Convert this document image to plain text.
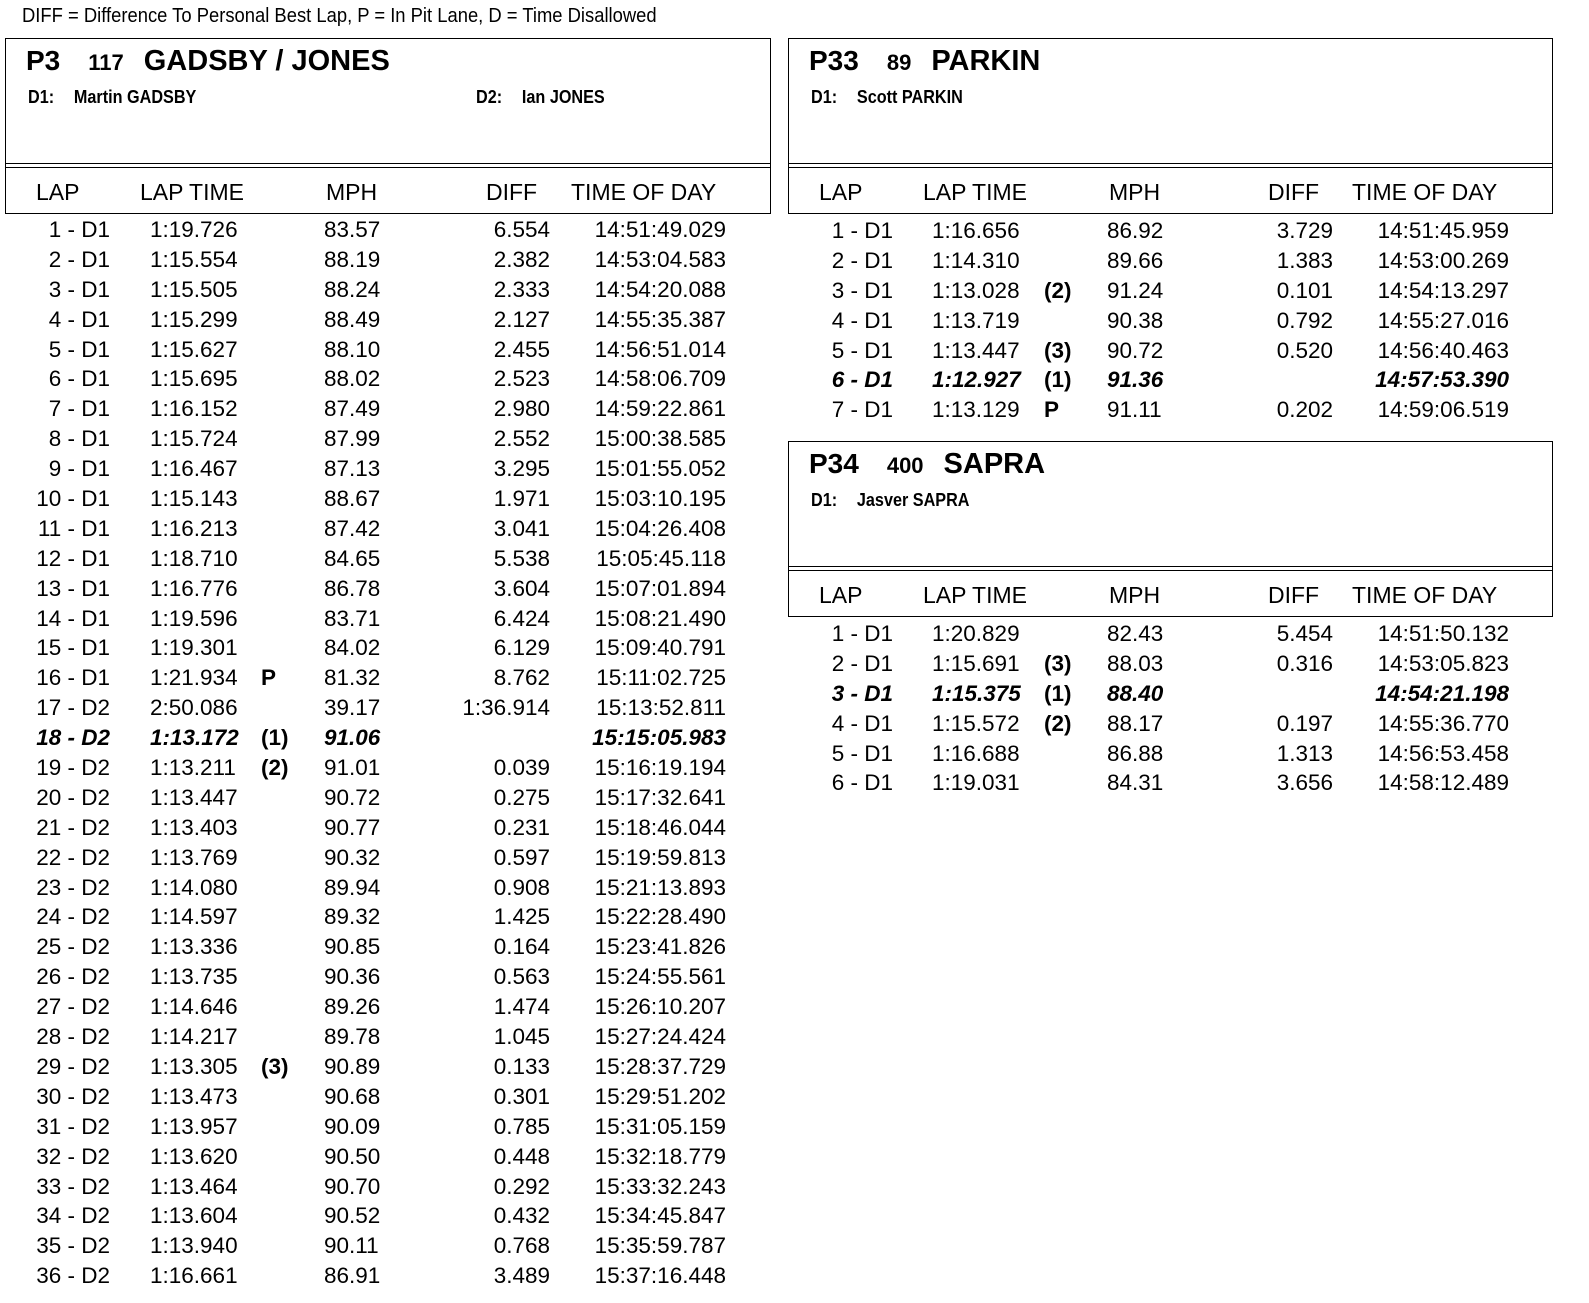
DIFF = Difference To Personal Best Lap, P = In Pit Lane, D = Time Disallowed
P3 117 GADSBY / JONES
D1: Martin GADSBY	D2: Ian JONES
LAP	LAP TIME	MPH	DIFF TIME OF DAY
1 - D1 1:19.726	83.57	6.554	14:51:49.029
2 - D1 1:15.554	88.19	2.382	14:53:04.583
3 - D1 1:15.505	88.24	2.333	14:54:20.088
4 - D1 1:15.299	88.49	2.127	14:55:35.387
5 - D1 1:15.627	88.10	2.455	14:56:51.014
6 - D1 1:15.695	88.02	2.523	14:58:06.709
7 - D1 1:16.152	87.49	2.980	14:59:22.861
8 - D1 1:15.724	87.99	2.552	15:00:38.585
9 - D1 1:16.467	87.13	3.295	15:01:55.052
10 - D1 1:15.143	88.67	1.971	15:03:10.195
11 - D1 1:16.213	87.42	3.041	15:04:26.408
12 - D1 1:18.710	84.65	5.538	15:05:45.118
13 - D1 1:16.776	86.78	3.604	15:07:01.894
14 - D1 1:19.596	83.71	6.424	15:08:21.490
15 - D1 1:19.301	84.02	6.129	15:09:40.791
16 - D1 1:21.934 P 81.32	8.762	15:11:02.725
17 - D2 2:50.086	39.17	1:36.914	15:13:52.811
18 - D2 1:13.172 (1) 91.06	15:15:05.983
19 - D2 1:13.211 (2) 91.01	0.039	15:16:19.194
20 - D2 1:13.447	90.72	0.275	15:17:32.641
21 - D2 1:13.403	90.77	0.231	15:18:46.044
22 - D2 1:13.769	90.32	0.597	15:19:59.813
23 - D2 1:14.080	89.94	0.908	15:21:13.893
24 - D2 1:14.597	89.32	1.425	15:22:28.490
25 - D2 1:13.336	90.85	0.164	15:23:41.826
26 - D2 1:13.735	90.36	0.563	15:24:55.561
27 - D2 1:14.646	89.26	1.474	15:26:10.207
28 - D2 1:14.217	89.78	1.045	15:27:24.424
29 - D2 1:13.305 (3) 90.89	0.133	15:28:37.729
30 - D2 1:13.473	90.68	0.301	15:29:51.202
31 - D2 1:13.957	90.09	0.785	15:31:05.159
32 - D2 1:13.620	90.50	0.448	15:32:18.779
33 - D2 1:13.464	90.70	0.292	15:33:32.243
34 - D2 1:13.604	90.52	0.432	15:34:45.847
35 - D2 1:13.940	90.11	0.768	15:35:59.787
36 - D2 1:16.661	86.91	3.489	15:37:16.448
P33 89 PARKIN
D1: Scott PARKIN
LAP	LAP TIME	MPH	DIFF TIME OF DAY
1 - D1 1:16.656	86.92	3.729	14:51:45.959
2 - D1 1:14.310	89.66	1.383	14:53:00.269
3 - D1 1:13.028 (2) 91.24	0.101	14:54:13.297
4 - D1 1:13.719	90.38	0.792	14:55:27.016
5 - D1 1:13.447 (3) 90.72	0.520	14:56:40.463
6 - D1 1:12.927 (1) 91.36	14:57:53.390
7 - D1 1:13.129 P 91.11	0.202	14:59:06.519
P34 400 SAPRA
D1: Jasver SAPRA
LAP	LAP TIME	MPH	DIFF TIME OF DAY
1 - D1 1:20.829	82.43	5.454	14:51:50.132
2 - D1 1:15.691 (3) 88.03	0.316	14:53:05.823
3 - D1 1:15.375 (1) 88.40	14:54:21.198
4 - D1 1:15.572 (2) 88.17	0.197	14:55:36.770
5 - D1 1:16.688	86.88	1.313	14:56:53.458
6 - D1 1:19.031	84.31	3.656	14:58:12.489
